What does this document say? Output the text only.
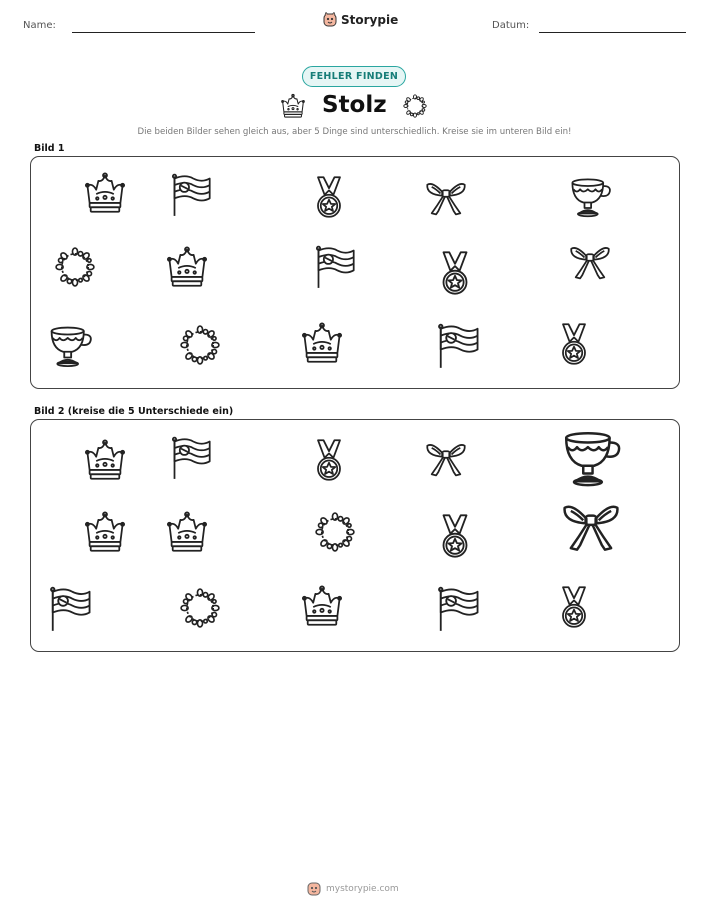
Name:	Storypie	Datum:
FEHLER FINDEN
Stolz
Die beiden Bilder sehen gleich aus, aber 5 Dinge sind unterschiedlich. Kreise sie im unteren Bild ein!
Bild 1
Bild 2 (kreise die 5 Unterschiede ein)
mystorypie.com
